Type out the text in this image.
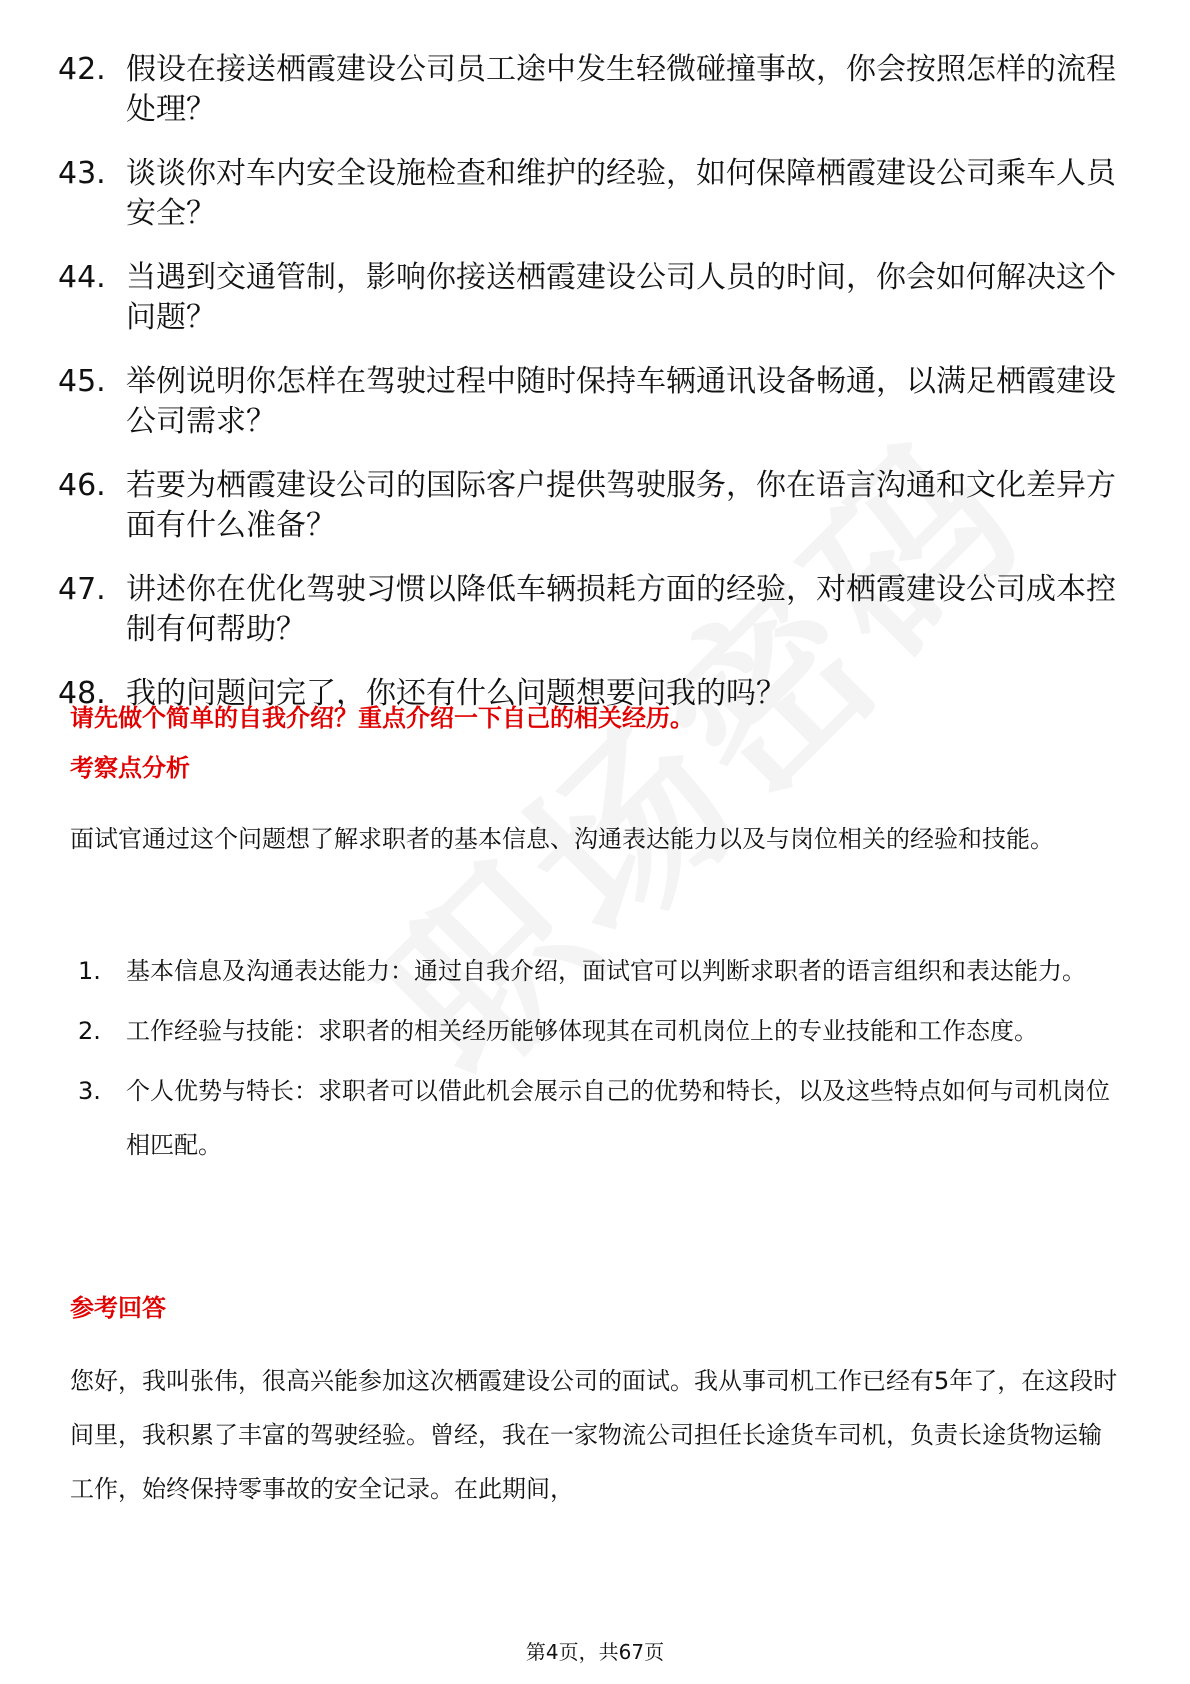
42. 假设在接送栖霞建设公司员工途中发生轻微碰撞事故，你会按照怎样的流程处理？
43. 谈谈你对车内安全设施检查和维护的经验，如何保障栖霞建设公司乘车人员安全？
44. 当遇到交通管制，影响你接送栖霞建设公司人员的时间，你会如何解决这个问题？
45. 举例说明你怎样在驾驶过程中随时保持车辆通讯设备畅通，以满足栖霞建设公司需求？
46. 若要为栖霞建设公司的国际客户提供驾驶服务，你在语言沟通和文化差异方面有什么准备？
47. 讲述你在优化驾驶习惯以降低车辆损耗方面的经验，对栖霞建设公司成本控制有何帮助？
48. 我的问题问完了，你还有什么问题想要问我的吗？
请先做个简单的自我介绍？重点介绍一下自己的相关经历。
考察点分析

面试官通过这个问题想了解求职者的基本信息、沟通表达能力以及与岗位相关的经验和技能。

1.	基本信息及沟通表达能力：通过自我介绍，面试官可以判断求职者的语言组织和表达能力。
2.	工作经验与技能：求职者的相关经历能够体现其在司机岗位上的专业技能和工作态度。
3.	个人优势与特长：求职者可以借此机会展示自己的优势和特长，以及这些特点如何与司机岗位相匹配。
参考回答

您好，我叫张伟，很高兴能参加这次栖霞建设公司的面试。我从事司机工作已经有5年了，在这段时间里，我积累了丰富的驾驶经验。曾经，我在一家物流公司担任长途货车司机，负责长途货物运输工作，始终保持零事故的安全记录。在此期间，

第4页，共67页
